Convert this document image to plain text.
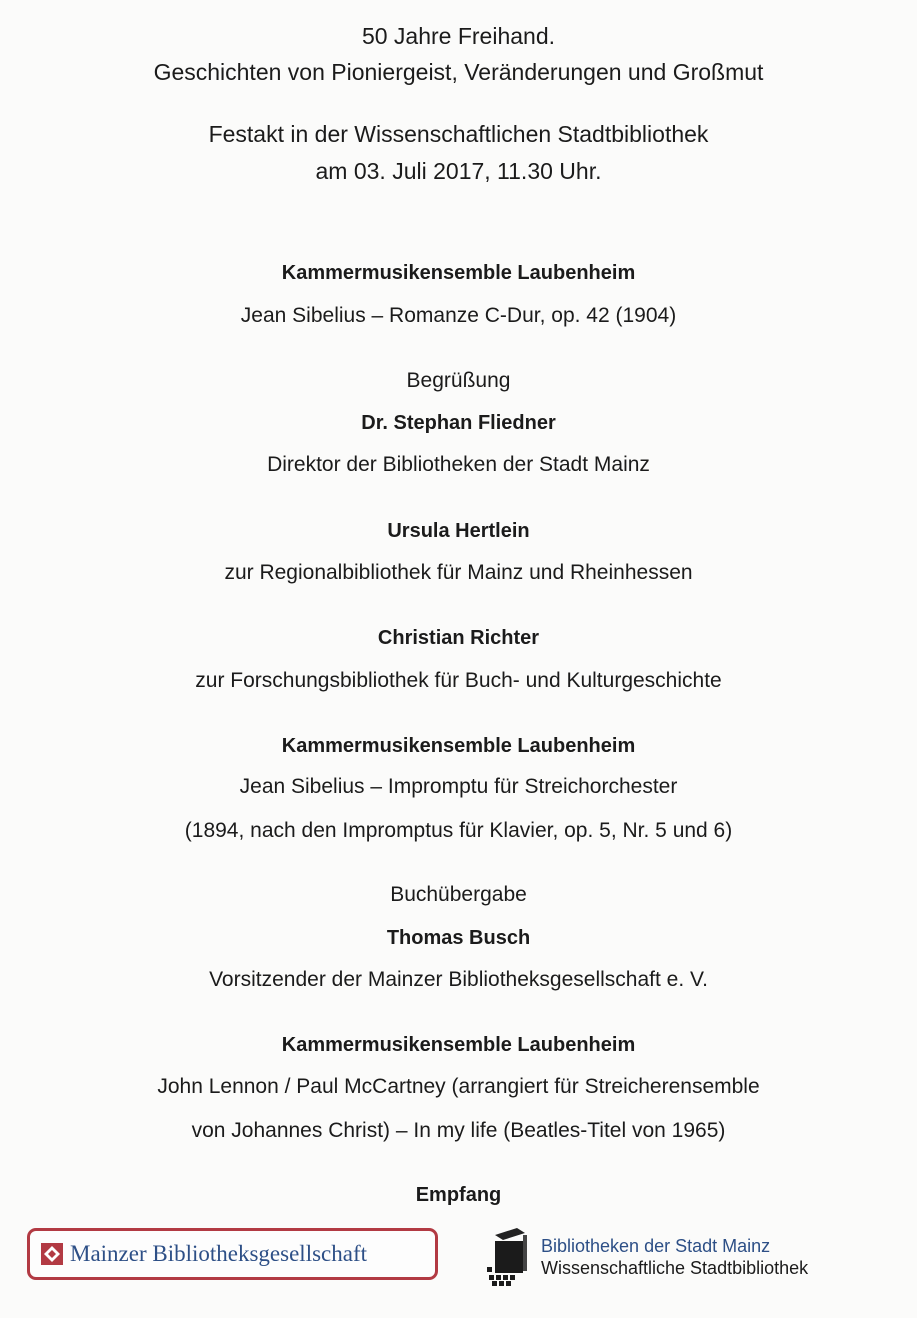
50 Jahre Freihand.
Geschichten von Pioniergeist, Veränderungen und Großmut
Festakt in der Wissenschaftlichen Stadtbibliothek
am 03. Juli 2017, 11.30 Uhr.
Kammermusikensemble Laubenheim
Jean Sibelius – Romanze C-Dur, op. 42 (1904)
Begrüßung
Dr. Stephan Fliedner
Direktor der Bibliotheken der Stadt Mainz
Ursula Hertlein
zur Regionalbibliothek für Mainz und Rheinhessen
Christian Richter
zur Forschungsbibliothek für Buch- und Kulturgeschichte
Kammermusikensemble Laubenheim
Jean Sibelius – Impromptu für Streichorchester
(1894, nach den Impromptus für Klavier, op. 5, Nr. 5 und 6)
Buchübergabe
Thomas Busch
Vorsitzender der Mainzer Bibliotheksgesellschaft e. V.
Kammermusikensemble Laubenheim
John Lennon / Paul McCartney (arrangiert für Streicherensemble
von Johannes Christ) – In my life (Beatles-Titel von 1965)
Empfang
Mainzer Bibliotheksgesellschaft	Bibliotheken der Stadt Mainz
Wissenschaftliche Stadtbibliothek
